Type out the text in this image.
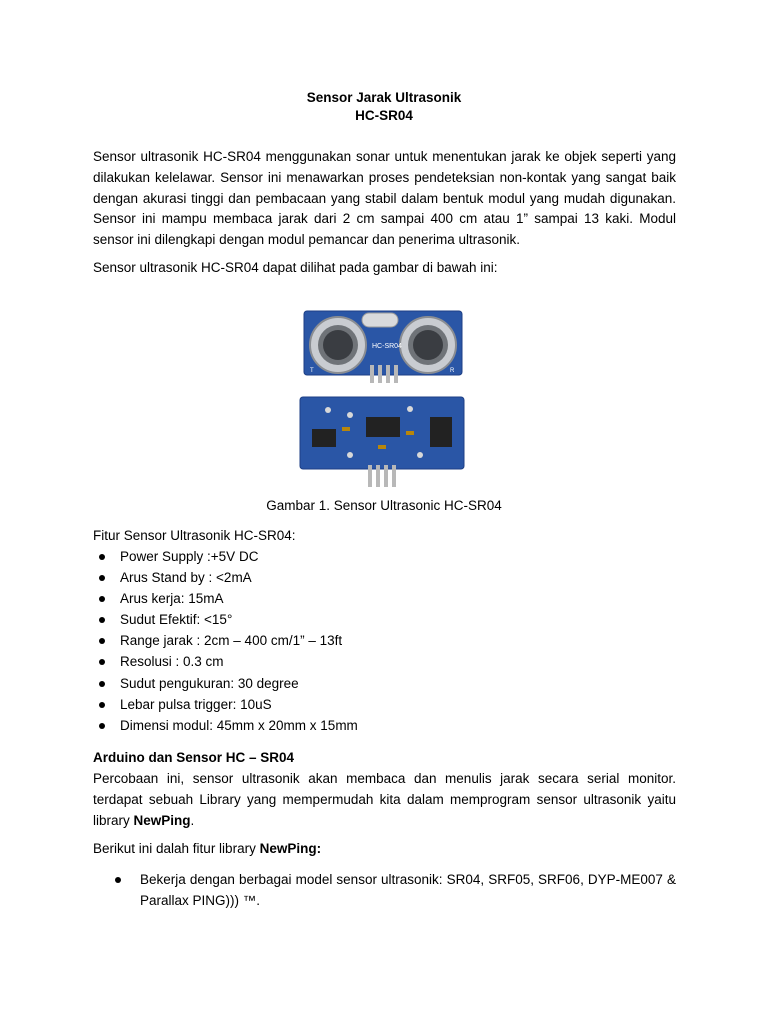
Sensor Jarak Ultrasonik
HC-SR04

Sensor ultrasonik HC-SR04 menggunakan sonar untuk menentukan jarak ke objek seperti yang dilakukan kelelawar. Sensor ini menawarkan proses pendeteksian non-kontak yang sangat baik dengan akurasi tinggi dan pembacaan yang stabil dalam bentuk modul yang mudah digunakan. Sensor ini mampu membaca jarak dari 2 cm sampai 400 cm atau 1” sampai 13 kaki. Modul sensor ini dilengkapi dengan modul pemancar dan penerima ultrasonik.

Sensor ultrasonik HC-SR04 dapat dilihat pada gambar di bawah ini:

HC-SR04
T	R
Gambar 1. Sensor Ultrasonic HC-SR04

Fitur Sensor Ultrasonik HC-SR04:

Power Supply :+5V DC
Arus Stand by : <2mA
Arus kerja: 15mA
Sudut Efektif: <15°
Range jarak : 2cm – 400 cm/1” – 13ft
Resolusi : 0.3 cm
Sudut pengukuran: 30 degree
Lebar pulsa trigger: 10uS
Dimensi modul: 45mm x 20mm x 15mm

Arduino dan Sensor HC – SR04

Percobaan ini, sensor ultrasonik akan membaca dan menulis jarak secara serial monitor. terdapat sebuah Library yang mempermudah kita dalam memprogram sensor ultrasonik yaitu library NewPing.

Berikut ini dalah fitur library NewPing:

Bekerja dengan berbagai model sensor ultrasonik: SR04, SRF05, SRF06, DYP-ME007 & Parallax PING))) ™.
